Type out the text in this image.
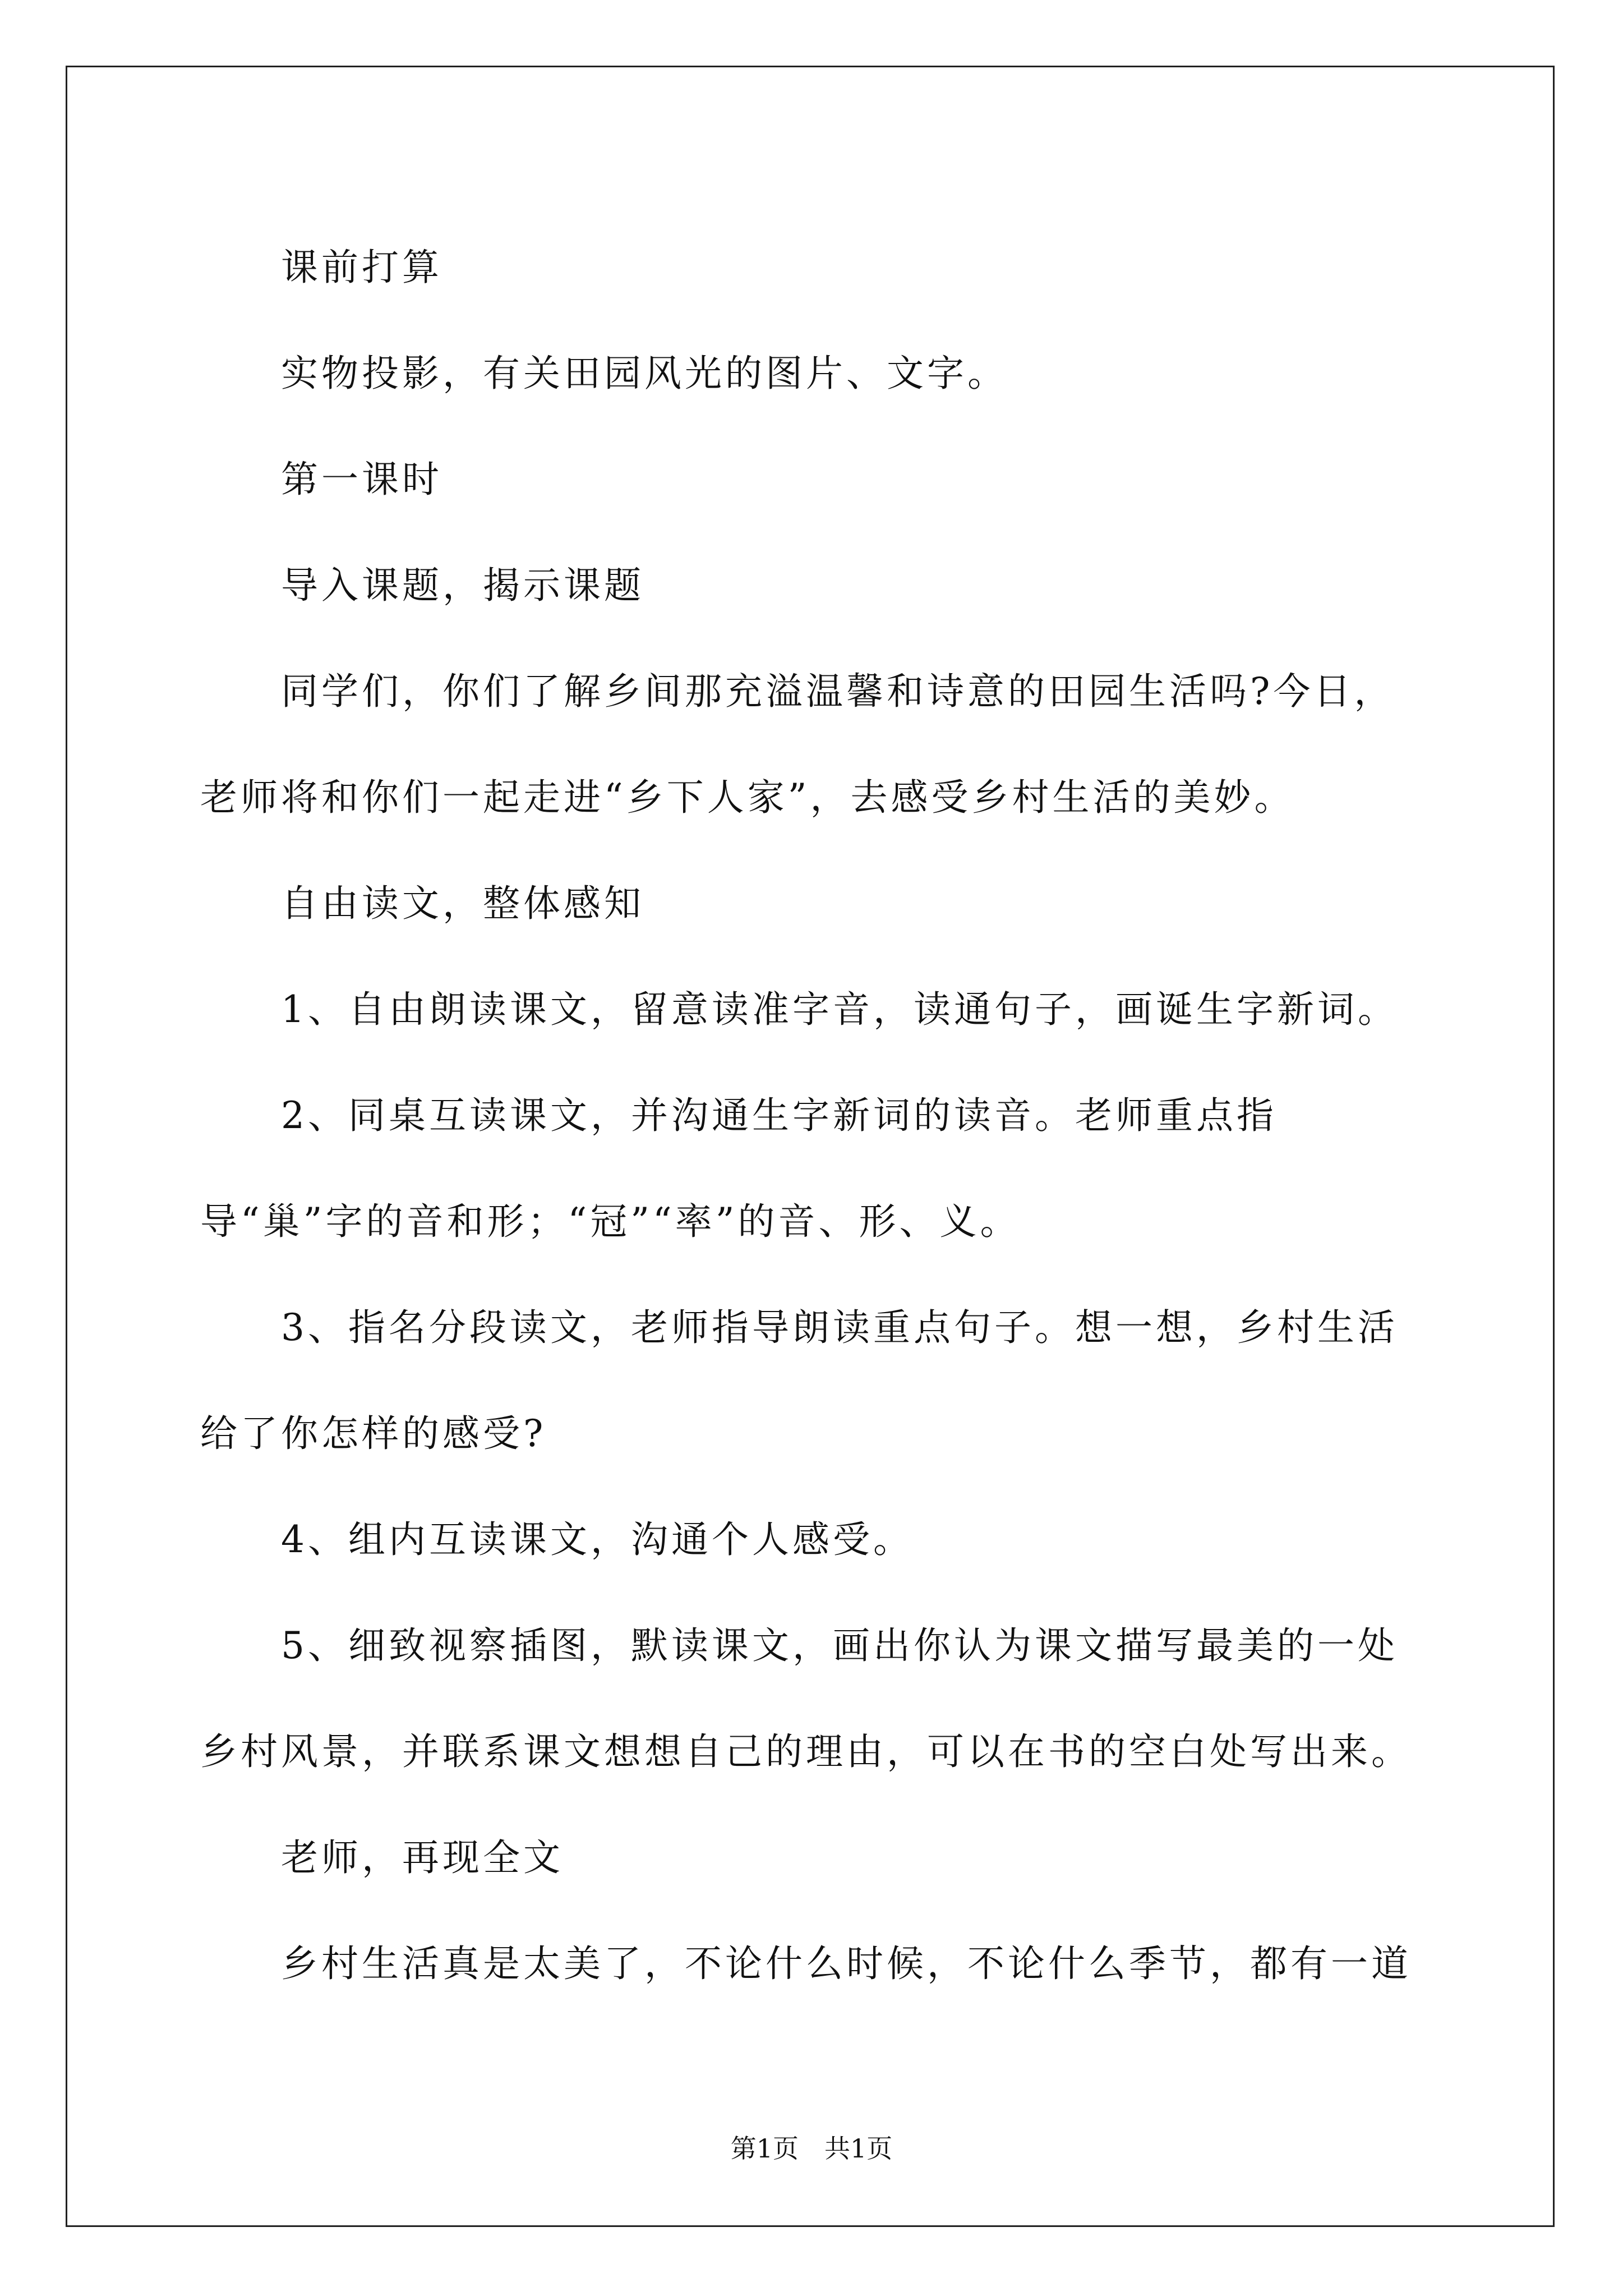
课前打算

实物投影，有关田园风光的图片、文字。

第一课时

导入课题，揭示课题

同学们，你们了解乡间那充溢温馨和诗意的田园生活吗?今日，老师将和你们一起走进“乡下人家”，去感受乡村生活的美妙。

自由读文，整体感知

1、自由朗读课文，留意读准字音，读通句子，画诞生字新词。

2、同桌互读课文，并沟通生字新词的读音。老师重点指导“巢”字的音和形；“冠”“率”的音、形、义。

3、指名分段读文，老师指导朗读重点句子。想一想，乡村生活给了你怎样的感受?

4、组内互读课文，沟通个人感受。

5、细致视察插图，默读课文，画出你认为课文描写最美的一处乡村风景，并联系课文想想自己的理由，可以在书的空白处写出来。

老师，再现全文

乡村生活真是太美了，不论什么时候，不论什么季节，都有一道

第1页　共1页
